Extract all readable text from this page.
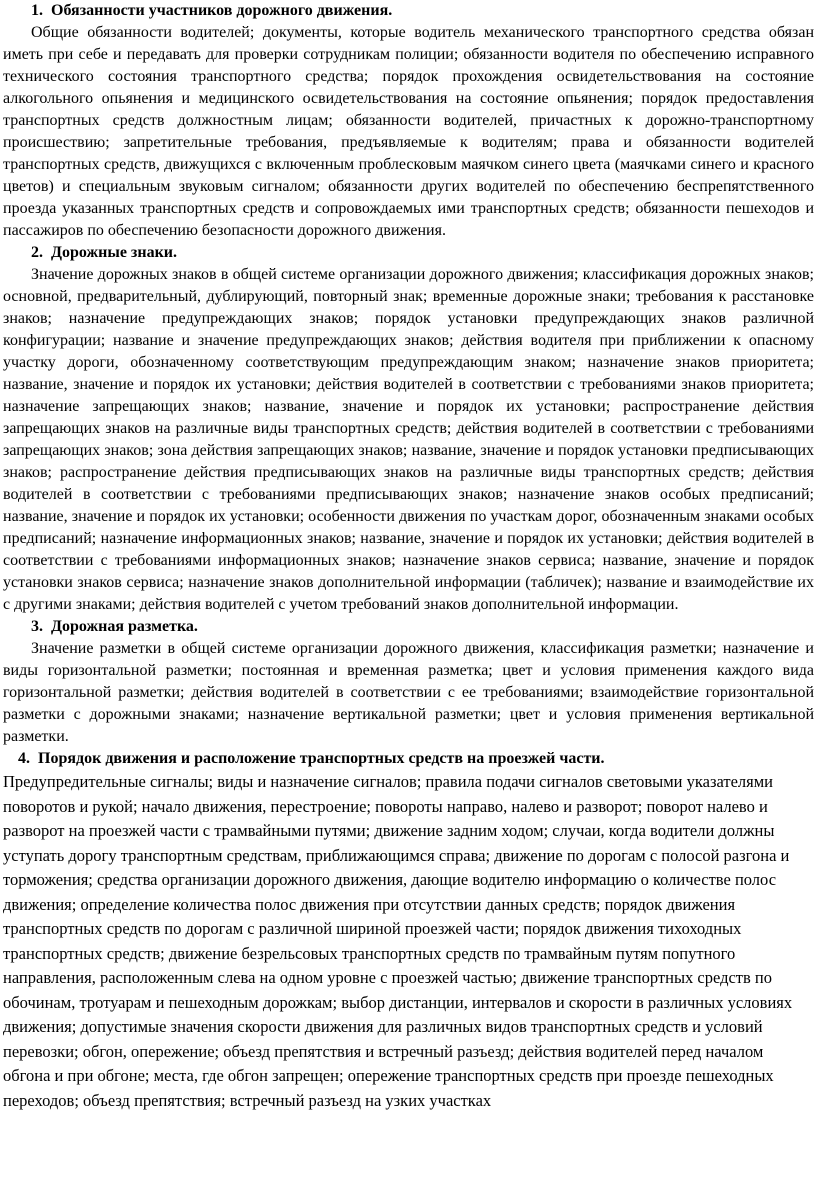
1. Обязанности участников дорожного движения.

Общие обязанности водителей; документы, которые водитель механического транспортного средства обязан иметь при себе и передавать для проверки сотрудникам полиции; обязанности водителя по обеспечению исправного технического состояния транспортного средства; порядок прохождения освидетельствования на состояние алкогольного опьянения и медицинского освидетельствования на состояние опьянения; порядок предоставления транспортных средств должностным лицам; обязанности водителей, причастных к дорожно-транспортному происшествию; запретительные требования, предъявляемые к водителям; права и обязанности водителей транспортных средств, движущихся с включенным проблесковым маячком синего цвета (маячками синего и красного цветов) и специальным звуковым сигналом; обязанности других водителей по обеспечению беспрепятственного проезда указанных транспортных средств и сопровождаемых ими транспортных средств; обязанности пешеходов и пассажиров по обеспечению безопасности дорожного движения.

2. Дорожные знаки.

Значение дорожных знаков в общей системе организации дорожного движения; классификация дорожных знаков; основной, предварительный, дублирующий, повторный знак; временные дорожные знаки; требования к расстановке знаков; назначение предупреждающих знаков; порядок установки предупреждающих знаков различной конфигурации; название и значение предупреждающих знаков; действия водителя при приближении к опасному участку дороги, обозначенному соответствующим предупреждающим знаком; назначение знаков приоритета; название, значение и порядок их установки; действия водителей в соответствии с требованиями знаков приоритета; назначение запрещающих знаков; название, значение и порядок их установки; распространение действия запрещающих знаков на различные виды транспортных средств; действия водителей в соответствии с требованиями запрещающих знаков; зона действия запрещающих знаков; название, значение и порядок установки предписывающих знаков; распространение действия предписывающих знаков на различные виды транспортных средств; действия водителей в соответствии с требованиями предписывающих знаков; назначение знаков особых предписаний; название, значение и порядок их установки; особенности движения по участкам дорог, обозначенным знаками особых предписаний; назначение информационных знаков; название, значение и порядок их установки; действия водителей в соответствии с требованиями информационных знаков; назначение знаков сервиса; название, значение и порядок установки знаков сервиса; назначение знаков дополнительной информации (табличек); название и взаимодействие их с другими знаками; действия водителей с учетом требований знаков дополнительной информации.

3. Дорожная разметка.

Значение разметки в общей системе организации дорожного движения, классификация разметки; назначение и виды горизонтальной разметки; постоянная и временная разметка; цвет и условия применения каждого вида горизонтальной разметки; действия водителей в соответствии с ее требованиями; взаимодействие горизонтальной разметки с дорожными знаками; назначение вертикальной разметки; цвет и условия применения вертикальной разметки.

4. Порядок движения и расположение транспортных средств на проезжей части.

Предупредительные сигналы; виды и назначение сигналов; правила подачи сигналов световыми указателями поворотов и рукой; начало движения, перестроение; повороты направо, налево и разворот; поворот налево и разворот на проезжей части с трамвайными путями; движение задним ходом; случаи, когда водители должны уступать дорогу транспортным средствам, приближающимся справа; движение по дорогам с полосой разгона и торможения; средства организации дорожного движения, дающие водителю информацию о количестве полос движения; определение количества полос движения при отсутствии данных средств; порядок движения транспортных средств по дорогам с различной шириной проезжей части; порядок движения тихоходных транспортных средств; движение безрельсовых транспортных средств по трамвайным путям попутного направления, расположенным слева на одном уровне с проезжей частью; движение транспортных средств по обочинам, тротуарам и пешеходным дорожкам; выбор дистанции, интервалов и скорости в различных условиях движения; допустимые значения скорости движения для различных видов транспортных средств и условий перевозки; обгон, опережение; объезд препятствия и встречный разъезд; действия водителей перед началом обгона и при обгоне; места, где обгон запрещен; опережение транспортных средств при проезде пешеходных переходов; объезд препятствия; встречный разъезд на узких участках
